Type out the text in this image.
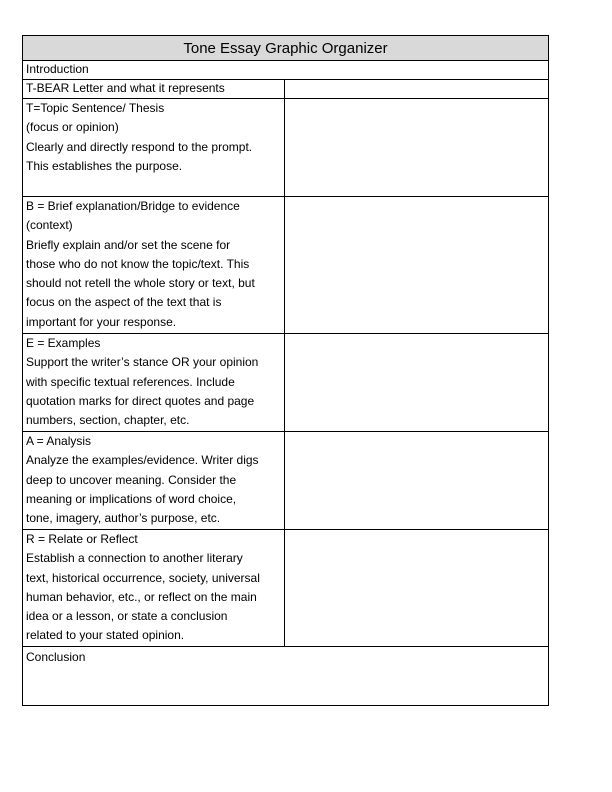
Tone Essay Graphic Organizer
Introduction
T-BEAR Letter and what it represents
T=Topic Sentence/ Thesis
(focus or opinion)
Clearly and directly respond to the prompt.
This establishes the purpose.
B = Brief explanation/Bridge to evidence
(context)
Briefly explain and/or set the scene for
those who do not know the topic/text. This
should not retell the whole story or text, but
focus on the aspect of the text that is
important for your response.
E = Examples
Support the writer’s stance OR your opinion
with specific textual references. Include
quotation marks for direct quotes and page
numbers, section, chapter, etc.
A = Analysis
Analyze the examples/evidence. Writer digs
deep to uncover meaning. Consider the
meaning or implications of word choice,
tone, imagery, author’s purpose, etc.
R = Relate or Reflect
Establish a connection to another literary
text, historical occurrence, society, universal
human behavior, etc., or reflect on the main
idea or a lesson, or state a conclusion
related to your stated opinion.
Conclusion
